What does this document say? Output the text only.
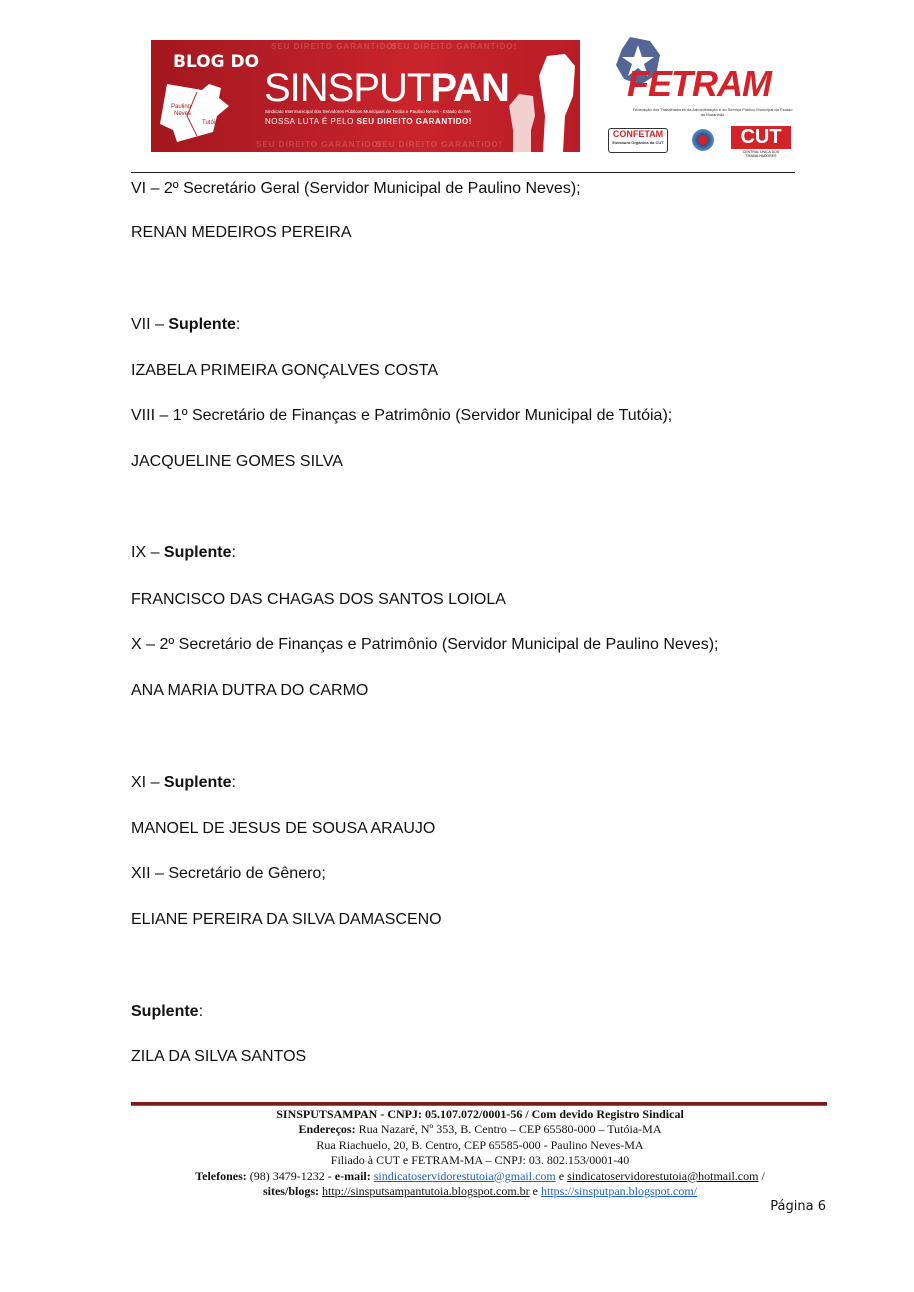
SEU DIREITO GARANTIDO!
SEU DIREITO GARANTIDO!
SEU DIREITO GARANTIDO!
SEU DIREITO GARANTIDO!
BLOG DO
Paulino
Neves
Tutóia
SINSPUTPAN
Sindicato Intermunicipal dos Servidores Públicos Municipais de Tutóia e Paulino Neves - Estado do MA
NOSSA LUTA É PELO SEU DIREITO GARANTIDO!
FETRAM
Federação dos Trabalhadores da Administração e do Serviço Público Municipal do Estado do Maranhão
CONFETAM
Estrutura Orgânica da CUT	CUT
CENTRAL ÚNICA DOS TRABALHADORES
VI – 2º Secretário Geral (Servidor Municipal de Paulino Neves);
RENAN MEDEIROS PEREIRA
VII – Suplente:
IZABELA PRIMEIRA GONÇALVES COSTA
VIII – 1º Secretário de Finanças e Patrimônio (Servidor Municipal de Tutóia);
JACQUELINE GOMES SILVA
IX – Suplente:
FRANCISCO DAS CHAGAS DOS SANTOS LOIOLA
X – 2º Secretário de Finanças e Patrimônio (Servidor Municipal de Paulino Neves);
ANA MARIA DUTRA DO CARMO
XI – Suplente:
MANOEL DE JESUS DE SOUSA ARAUJO
XII – Secretário de Gênero;
ELIANE PEREIRA DA SILVA DAMASCENO
Suplente:
ZILA DA SILVA SANTOS
SINSPUTSAMPAN - CNPJ: 05.107.072/0001-56 / Com devido Registro Sindical
Endereços: Rua Nazaré, Nº 353, B. Centro – CEP 65580-000 – Tutóia-MA
Rua Riachuelo, 20, B. Centro, CEP 65585-000 - Paulino Neves-MA
Filiado à CUT e FETRAM-MA – CNPJ: 03. 802.153/0001-40
Telefones: (98) 3479-1232 - e-mail: sindicatoservidorestutoia@gmail.com e sindicatoservidorestutoia@hotmail.com /
sites/blogs: http://sinsputsampantutoia.blogspot.com.br e https://sinsputpan.blogspot.com/
Página 6
